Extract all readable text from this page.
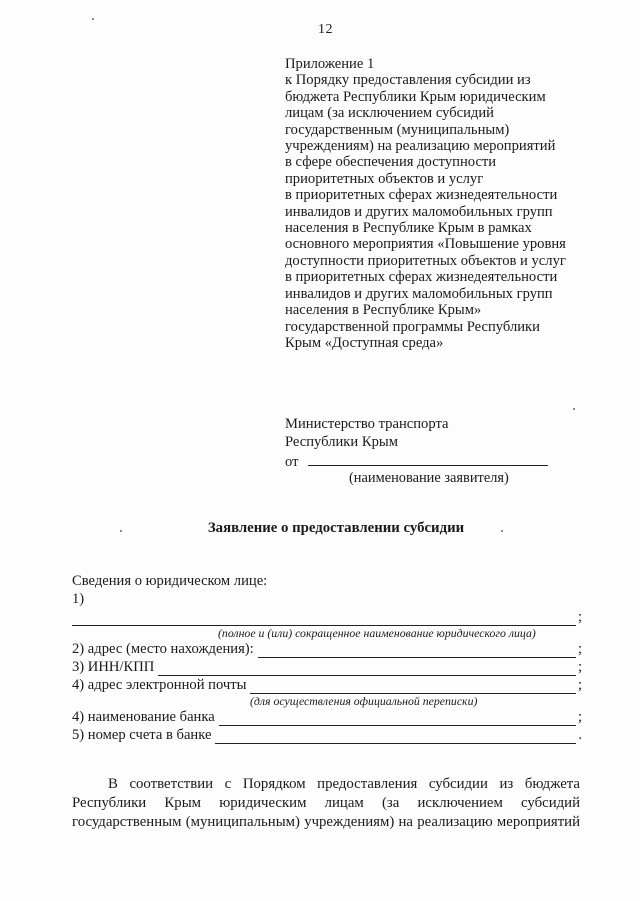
12
Приложение 1
к Порядку предоставления субсидии из
бюджета Республики Крым юридическим
лицам (за исключением субсидий
государственным (муниципальным)
учреждениям) на реализацию мероприятий
в сфере обеспечения доступности
приоритетных объектов и услуг
в приоритетных сферах жизнедеятельности
инвалидов и других маломобильных групп
населения в Республике Крым в рамках
основного мероприятия «Повышение уровня
доступности приоритетных объектов и услуг
в приоритетных сферах жизнедеятельности
инвалидов и других маломобильных групп
населения в Республике Крым»
государственной программы Республики
Крым «Доступная среда»
Министерство транспорта
Республики Крым
от
(наименование заявителя)
Заявление о предоставлении субсидии
Сведения о юридическом лице:
1)
;
(полное и (или) сокращенное наименование юридического лица)
2) адрес (место нахождения):	;
3) ИНН/КПП	;
4) адрес электронной почты	;
(для осуществления официальной переписки)
4) наименование банка	;
5) номер счета в банке	.
В соответствии с Порядком предоставления субсидии из бюджета
Республики Крым юридическим лицам (за исключением субсидий
государственным (муниципальным) учреждениям) на реализацию мероприятий
